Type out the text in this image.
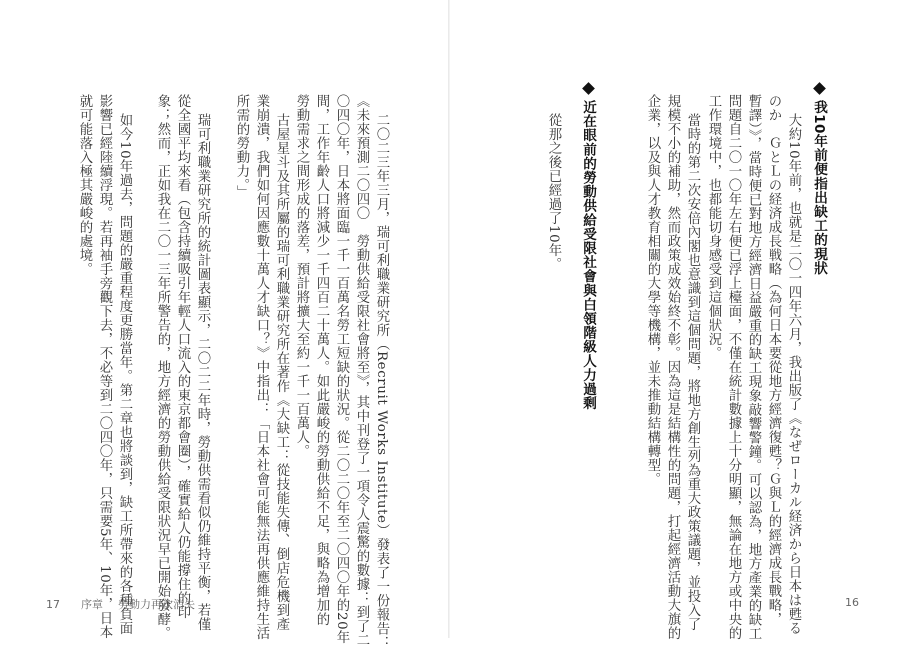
我10年前便指出缺工的現狀
大約10年前，也就是二〇一四年六月，我出版了《なぜローカル経済から日本は甦る
のか　ＧとＬの経済成長戦略（為何日本要從地方經濟復甦？Ｇ與Ｌ的經濟成長戰略，
暫譯）》，當時便已對地方經濟日益嚴重的缺工現象敲響警鐘。可以認為，地方產業的缺工
問題自二〇一〇年左右便已浮上檯面，不僅在統計數據上十分明顯，無論在地方或中央的
工作環境中，也都能切身感受到這個狀況。
當時的第二次安倍內閣也意識到這個問題，將地方創生列為重大政策議題，並投入了
規模不小的補助，然而政策成效始終不彰。因為這是結構性的問題，打起經濟活動大旗的
企業，以及與人才教育相關的大學等機構，並未推動結構轉型。
近在眼前的勞動供給受限社會與白領階級人力過剩
從那之後已經過了10年。
16
二〇二三年三月，瑞可利職業研究所（Recruit Works Institute）發表了一份報告：
《未來預測二〇四〇　勞動供給受限社會將至》，其中刊登了一項令人震驚的數據：到了二
〇四〇年，日本將面臨一千一百萬名勞工短缺的狀況。從二〇二〇年至二〇四〇年的20年
間，工作年齡人口將減少一千四百二十萬人。如此嚴峻的勞動供給不足，與略為增加的
勞動需求之間形成的落差，預計將擴大至約一千一百萬人。
古屋星斗及其所屬的瑞可利職業研究所在著作《大缺工：從技能失傳、倒店危機到產
業崩潰，我們如何因應數十萬人才缺口？》中指出：「日本社會可能無法再供應維持生活
所需的勞動力。」
瑞可利職業研究所的統計圖表顯示，二〇二二年時，勞動供需看似仍維持平衡，若僅
從全國平均來看（包含持續吸引年輕人口流入的東京都會圈），確實給人仍能撐住的印
象；然而，正如我在二〇一三年所警告的，地方經濟的勞動供給受限狀況早已開始發酵。
如今10年過去，問題的嚴重程度更勝當年。第二章也將談到，缺工所帶來的各種負面
影響已經陸續浮現。若再袖手旁觀下去，不必等到二〇四〇年，只需要5年、10年，日本
就可能落入極其嚴峻的處境。
17 序章 勞動力再次消失
